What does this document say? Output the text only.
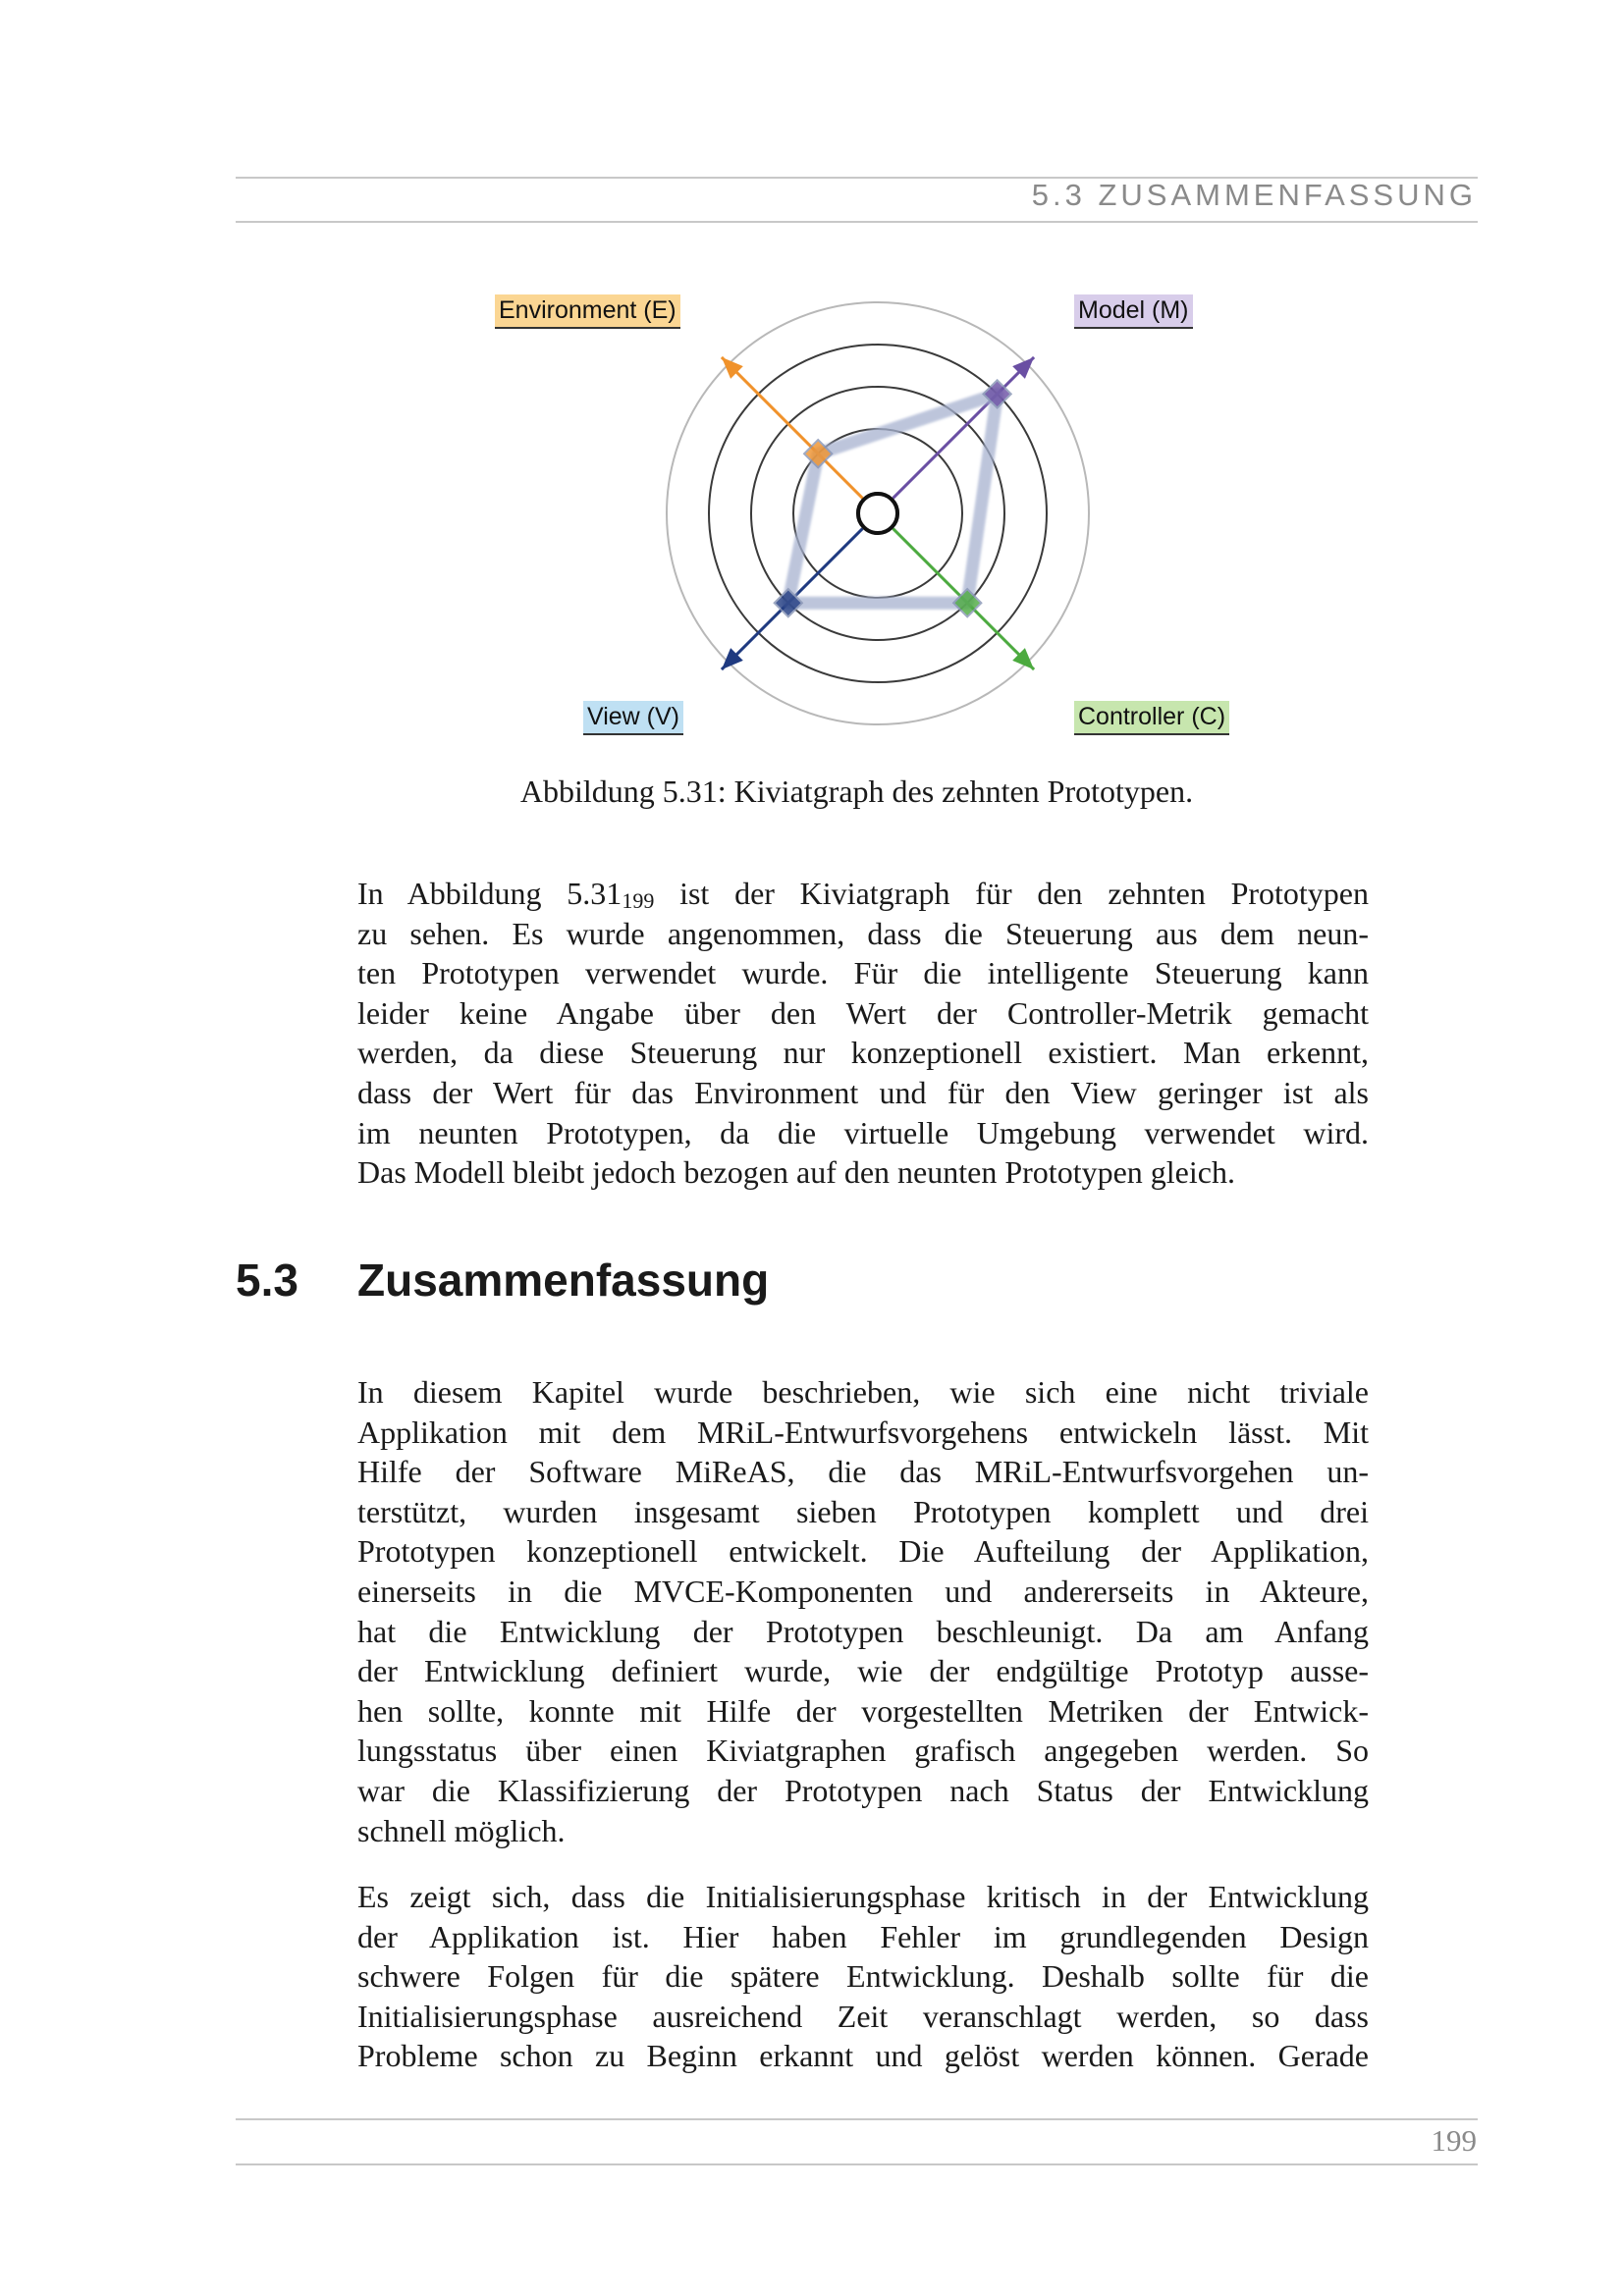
5.3 ZUSAMMENFASSUNG
Environment (E)	Model (M)
View (V)	Controller (C)
Abbildung 5.31: Kiviatgraph des zehnten Prototypen.
In Abbildung $5.31_{199}$ ist der Kiviatgraph für den zehnten Prototypen
zu sehen. Es wurde angenommen, dass die Steuerung aus dem neun-
ten Prototypen verwendet wurde. Für die intelligente Steuerung kann
leider keine Angabe über den Wert der Controller-Metrik gemacht
werden, da diese Steuerung nur konzeptionell existiert. Man erkennt,
dass der Wert für das Environment und für den View geringer ist als
im neunten Prototypen, da die virtuelle Umgebung verwendet wird.
Das Modell bleibt jedoch bezogen auf den neunten Prototypen gleich.
5.3 Zusammenfassung
In diesem Kapitel wurde beschrieben, wie sich eine nicht triviale
Applikation mit dem MRiL-Entwurfsvorgehens entwickeln lässt. Mit
Hilfe der Software MiReAS, die das MRiL-Entwurfsvorgehen un-
terstützt, wurden insgesamt sieben Prototypen komplett und drei
Prototypen konzeptionell entwickelt. Die Aufteilung der Applikation,
einerseits in die MVCE-Komponenten und andererseits in Akteure,
hat die Entwicklung der Prototypen beschleunigt. Da am Anfang
der Entwicklung definiert wurde, wie der endgültige Prototyp ausse-
hen sollte, konnte mit Hilfe der vorgestellten Metriken der Entwick-
lungsstatus über einen Kiviatgraphen grafisch angegeben werden. So
war die Klassifizierung der Prototypen nach Status der Entwicklung
schnell möglich.
Es zeigt sich, dass die Initialisierungsphase kritisch in der Entwicklung
der Applikation ist. Hier haben Fehler im grundlegenden Design
schwere Folgen für die spätere Entwicklung. Deshalb sollte für die
Initialisierungsphase ausreichend Zeit veranschlagt werden, so dass
Probleme schon zu Beginn erkannt und gelöst werden können. Gerade
199
